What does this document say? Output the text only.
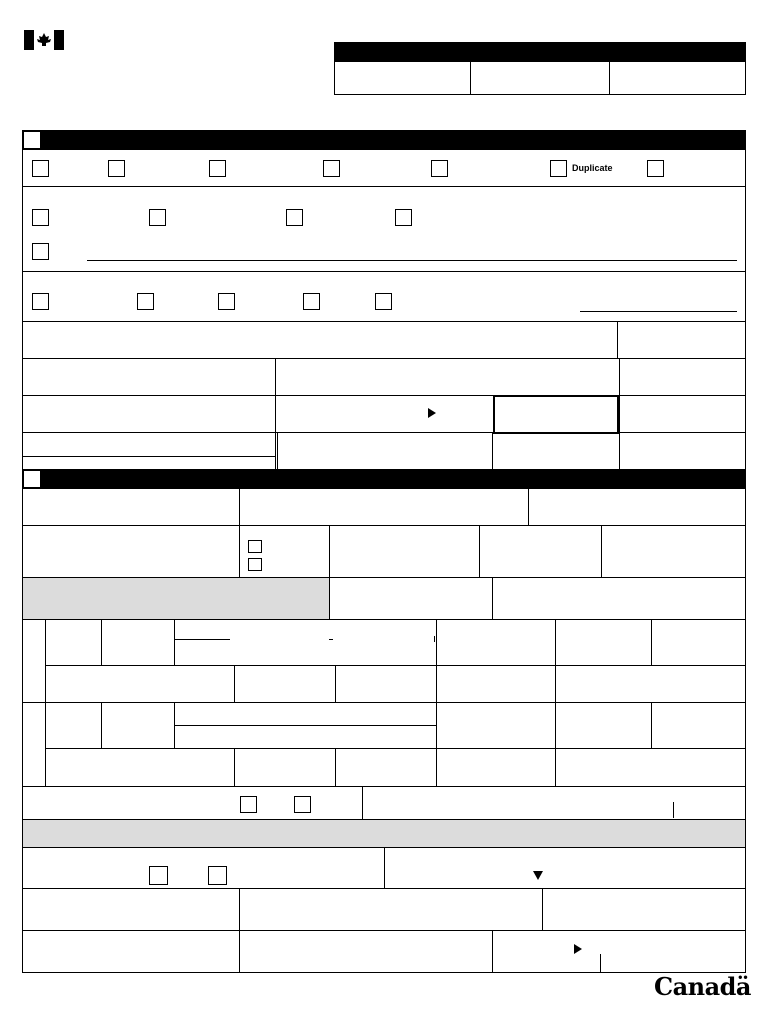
Duplicate
Canadä
